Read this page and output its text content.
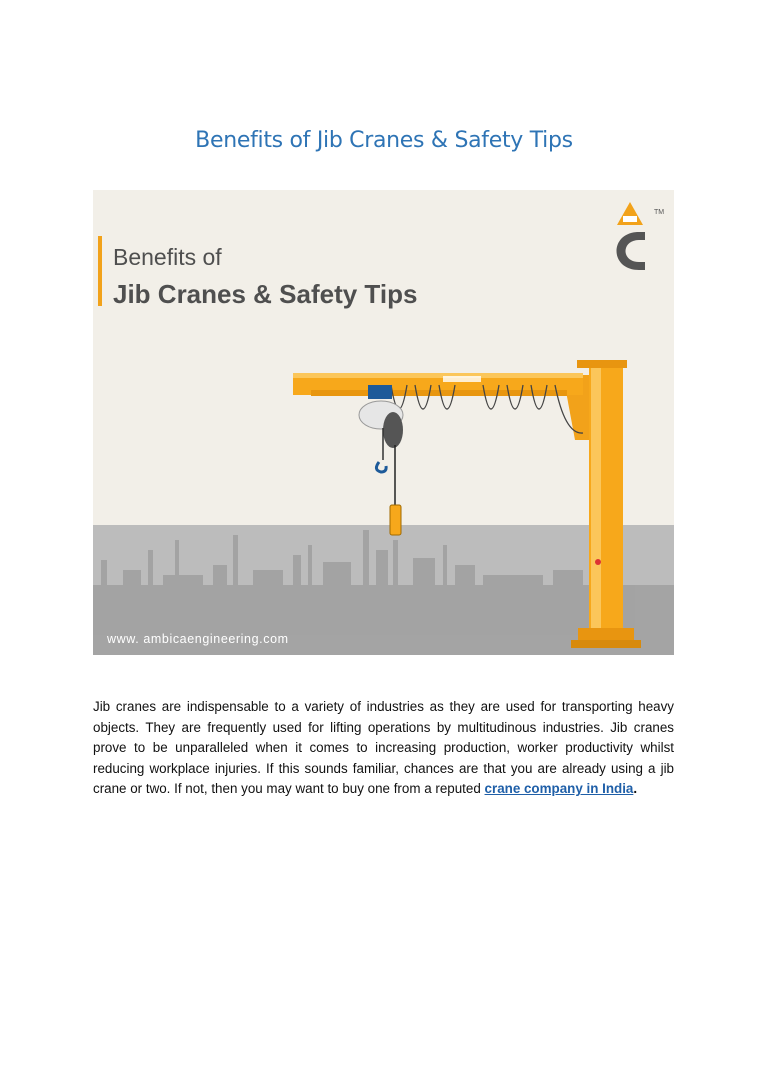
Benefits of Jib Cranes & Safety Tips
TM
Benefits of
Jib Cranes & Safety Tips
www. ambicaengineering.com

Jib cranes are indispensable to a variety of industries as they are used for transporting heavy objects. They are frequently used for lifting operations by multitudinous industries. Jib cranes prove to be unparalleled when it comes to increasing production, worker productivity whilst reducing workplace injuries. If this sounds familiar, chances are that you are already using a jib crane or two. If not, then you may want to buy one from a reputed crane company in India.
